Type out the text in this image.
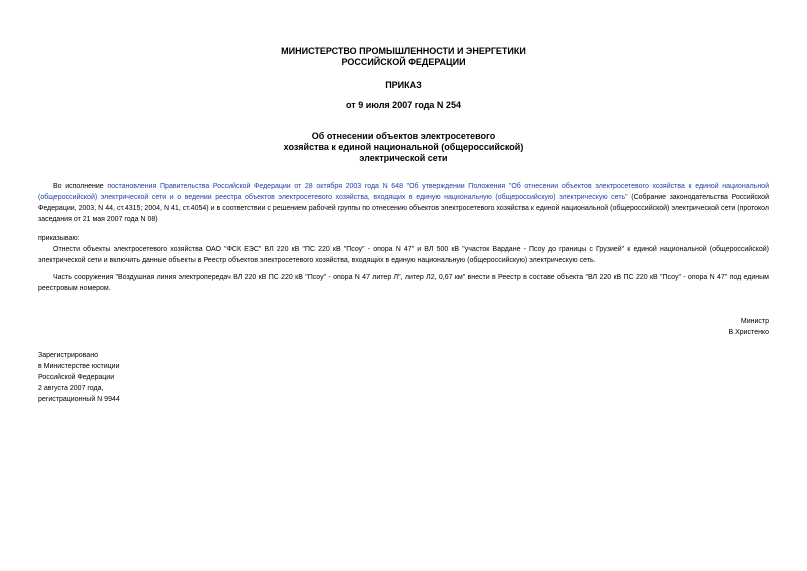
МИНИСТЕРСТВО ПРОМЫШЛЕННОСТИ И ЭНЕРГЕТИКИ
РОССИЙСКОЙ ФЕДЕРАЦИИ
ПРИКАЗ
от 9 июля 2007 года N 254
Об отнесении объектов электросетевого
хозяйства к единой национальной (общероссийской)
электрической сети
Во исполнение постановления Правительства Российской Федерации от 28 октября 2003 года N 648 "Об утверждении Положения "Об отнесении объектов электросетевого хозяйства к единой национальной (общероссийской) электрической сети и о ведении реестра объектов электросетевого хозяйства, входящих в единую национальную (общероссийскую) электрическую сеть" (Собрание законодательства Российской Федерации, 2003, N 44, ст.4315; 2004, N 41, ст.4054) и в соответствии с решением рабочей группы по отнесению объектов электросетевого хозяйства к единой национальной (общероссийской) электрической сети (протокол заседания от 21 мая 2007 года N 08)
приказываю:
Отнести объекты электросетевого хозяйства ОАО "ФСК ЕЭС" ВЛ 220 кВ "ПС 220 кВ "Псоу" - опора N 47" и ВЛ 500 кВ "участок Вардане - Псоу до границы с Грузией" к единой национальной (общероссийской) электрической сети и включить данные объекты в Реестр объектов электросетевого хозяйства, входящих в единую национальную (общероссийскую) электрическую сеть.
Часть сооружения "Воздушная линия электропередач ВЛ 220 кВ ПС 220 кВ "Псоу" - опора N 47 литер Л", литер Л2, 0,67 км" внести в Реестр в составе объекта "ВЛ 220 кВ ПС 220 кВ "Псоу" - опора N 47" под единым реестровым номером.
Министр
В.Христенко
Зарегистрировано
в Министерстве юстиции
Российской Федерации
2 августа 2007 года,
регистрационный N 9944
